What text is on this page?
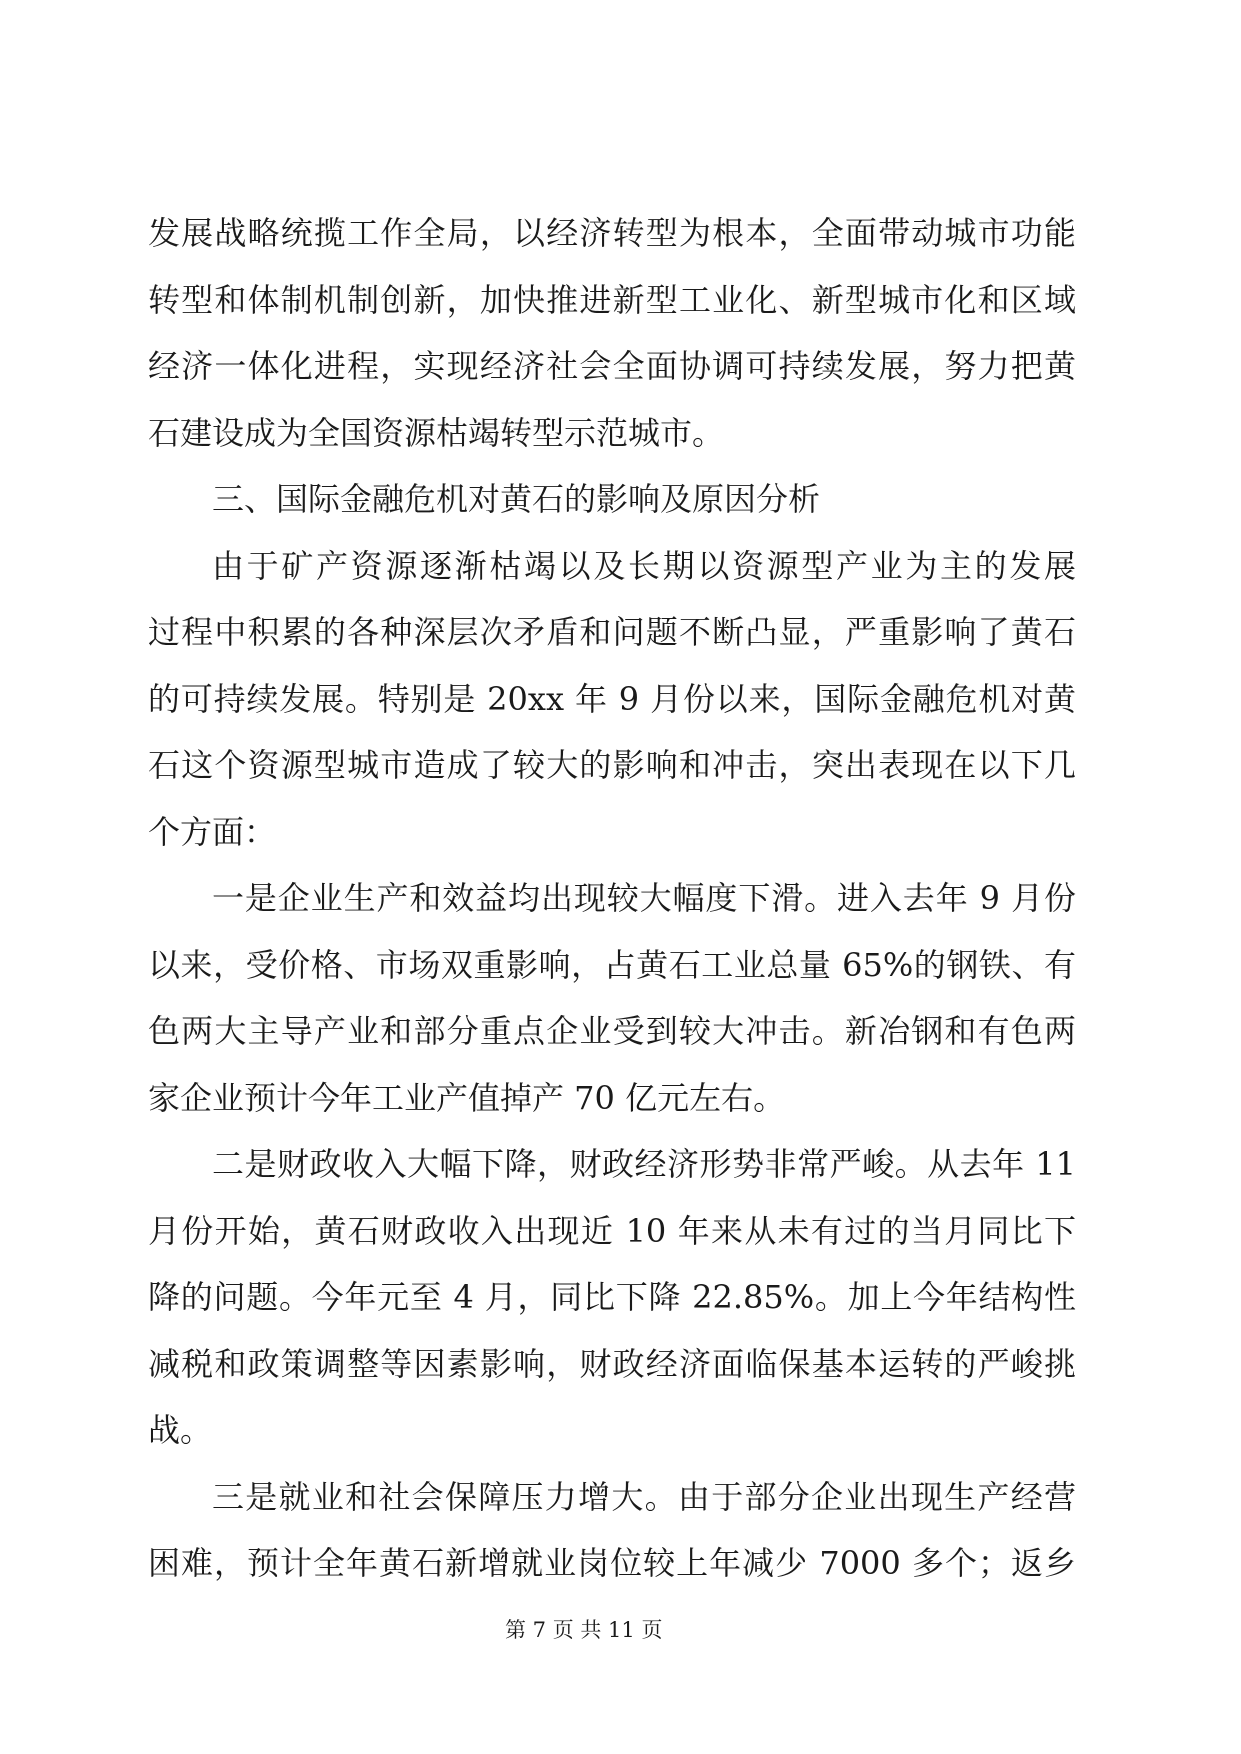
发展战略统揽工作全局，以经济转型为根本，全面带动城市功能
转型和体制机制创新，加快推进新型工业化、新型城市化和区域
经济一体化进程，实现经济社会全面协调可持续发展，努力把黄
石建设成为全国资源枯竭转型示范城市。
三、国际金融危机对黄石的影响及原因分析
由于矿产资源逐渐枯竭以及长期以资源型产业为主的发展
过程中积累的各种深层次矛盾和问题不断凸显，严重影响了黄石
的可持续发展。特别是 20xx 年 9 月份以来，国际金融危机对黄
石这个资源型城市造成了较大的影响和冲击，突出表现在以下几
个方面：
一是企业生产和效益均出现较大幅度下滑。进入去年 9 月份
以来，受价格、市场双重影响，占黄石工业总量 65%的钢铁、有
色两大主导产业和部分重点企业受到较大冲击。新冶钢和有色两
家企业预计今年工业产值掉产 70 亿元左右。
二是财政收入大幅下降，财政经济形势非常严峻。从去年 11
月份开始，黄石财政收入出现近 10 年来从未有过的当月同比下
降的问题。今年元至 4 月，同比下降 22.85%。加上今年结构性
减税和政策调整等因素影响，财政经济面临保基本运转的严峻挑
战。
三是就业和社会保障压力增大。由于部分企业出现生产经营
困难，预计全年黄石新增就业岗位较上年减少 7000 多个；返乡
第 7 页 共 11 页
